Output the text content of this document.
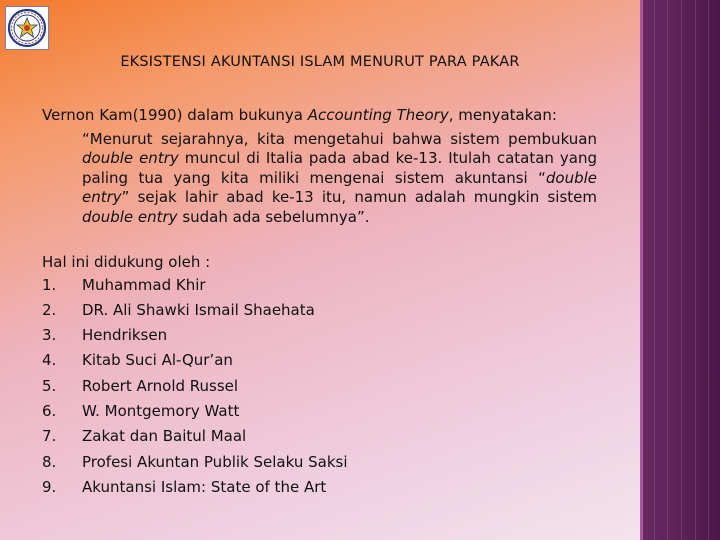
EKSISTENSI AKUNTANSI ISLAM MENURUT PARA PAKAR

Vernon Kam(1990) dalam bukunya Accounting Theory, menyatakan:

“Menurut sejarahnya, kita mengetahui bahwa sistem pembukuan double entry muncul di Italia pada abad ke-13. Itulah catatan yang paling tua yang kita miliki mengenai sistem akuntansi “double entry” sejak lahir abad ke-13 itu, namun adalah mungkin sistem double entry sudah ada sebelumnya”.

Hal ini didukung oleh :

1.	Muhammad Khir
2.	DR. Ali Shawki Ismail Shaehata
3.	Hendriksen
4.	Kitab Suci Al-Qur’an
5.	Robert Arnold Russel
6.	W. Montgemory Watt
7.	Zakat dan Baitul Maal
8.	Profesi Akuntan Publik Selaku Saksi
9.	Akuntansi Islam: State of the Art
